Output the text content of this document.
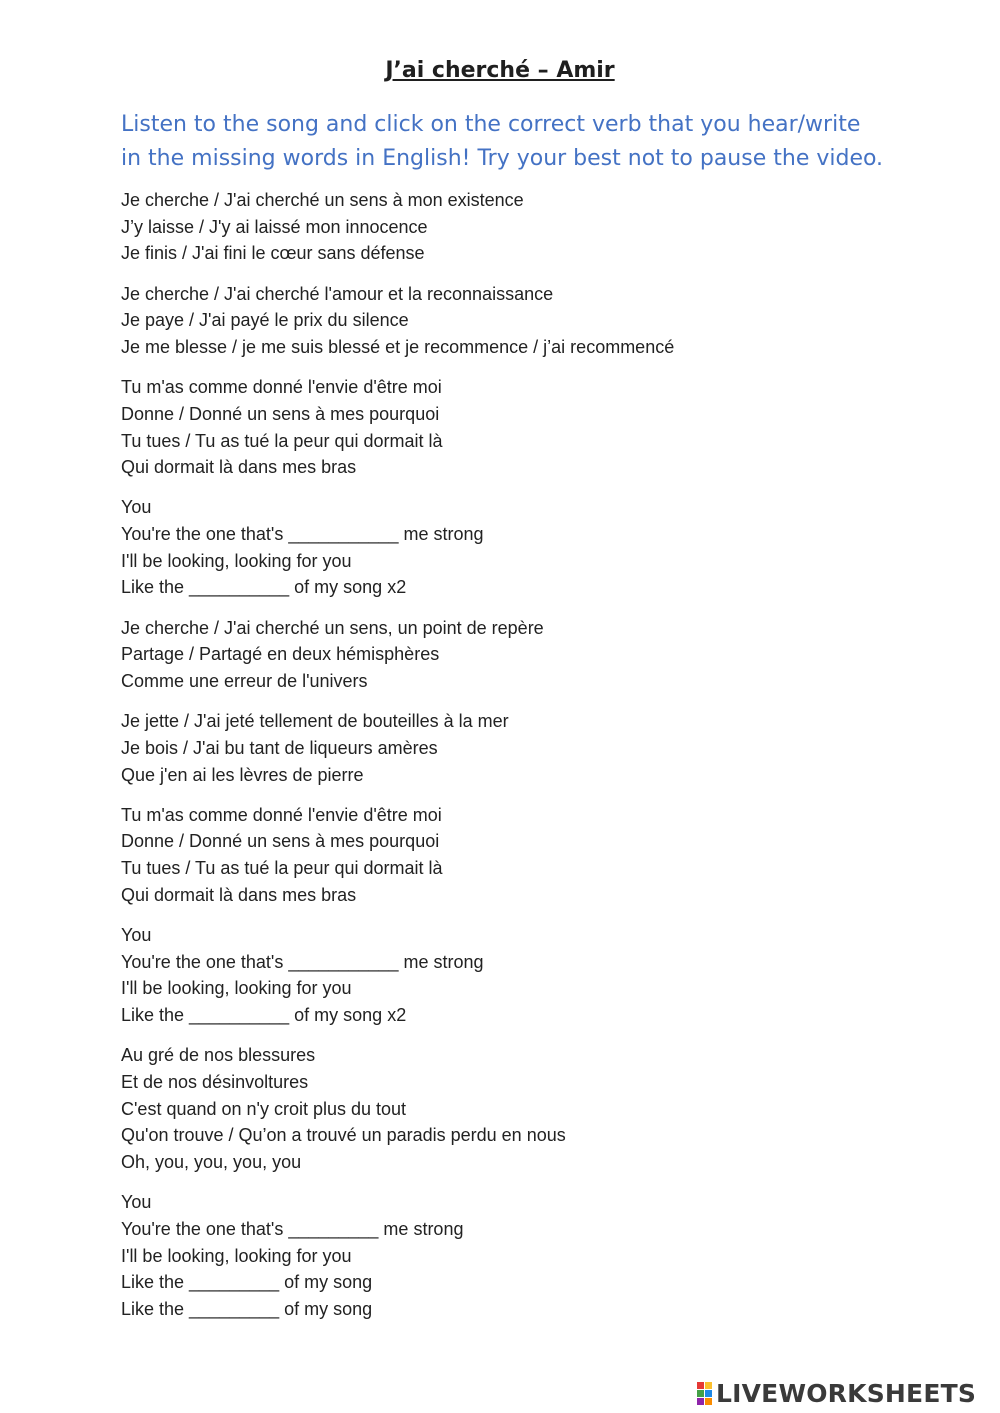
J’ai cherché – Amir
Listen to the song and click on the correct verb that you hear/write
in the missing words in English! Try your best not to pause the video.
Je cherche / J'ai cherché un sens à mon existence
J’y laisse / J'y ai laissé mon innocence
Je finis / J'ai fini le cœur sans défense
Je cherche / J'ai cherché l'amour et la reconnaissance
Je paye / J'ai payé le prix du silence
Je me blesse / je me suis blessé et je recommence / j’ai recommencé
Tu m'as comme donné l'envie d'être moi
Donne / Donné un sens à mes pourquoi
Tu tues / Tu as tué la peur qui dormait là
Qui dormait là dans mes bras
You
You're the one that's ___________ me strong
I'll be looking, looking for you
Like the __________ of my song x2
Je cherche / J'ai cherché un sens, un point de repère
Partage / Partagé en deux hémisphères
Comme une erreur de l'univers
Je jette / J'ai jeté tellement de bouteilles à la mer
Je bois / J'ai bu tant de liqueurs amères
Que j'en ai les lèvres de pierre
Tu m'as comme donné l'envie d'être moi
Donne / Donné un sens à mes pourquoi
Tu tues / Tu as tué la peur qui dormait là
Qui dormait là dans mes bras
You
You're the one that's ___________ me strong
I'll be looking, looking for you
Like the __________ of my song x2
Au gré de nos blessures
Et de nos désinvoltures
C'est quand on n'y croit plus du tout
Qu'on trouve / Qu’on a trouvé un paradis perdu en nous
Oh, you, you, you, you
You
You're the one that's _________ me strong
I'll be looking, looking for you
Like the _________ of my song
Like the _________ of my song
LIVEWORKSHEETS
